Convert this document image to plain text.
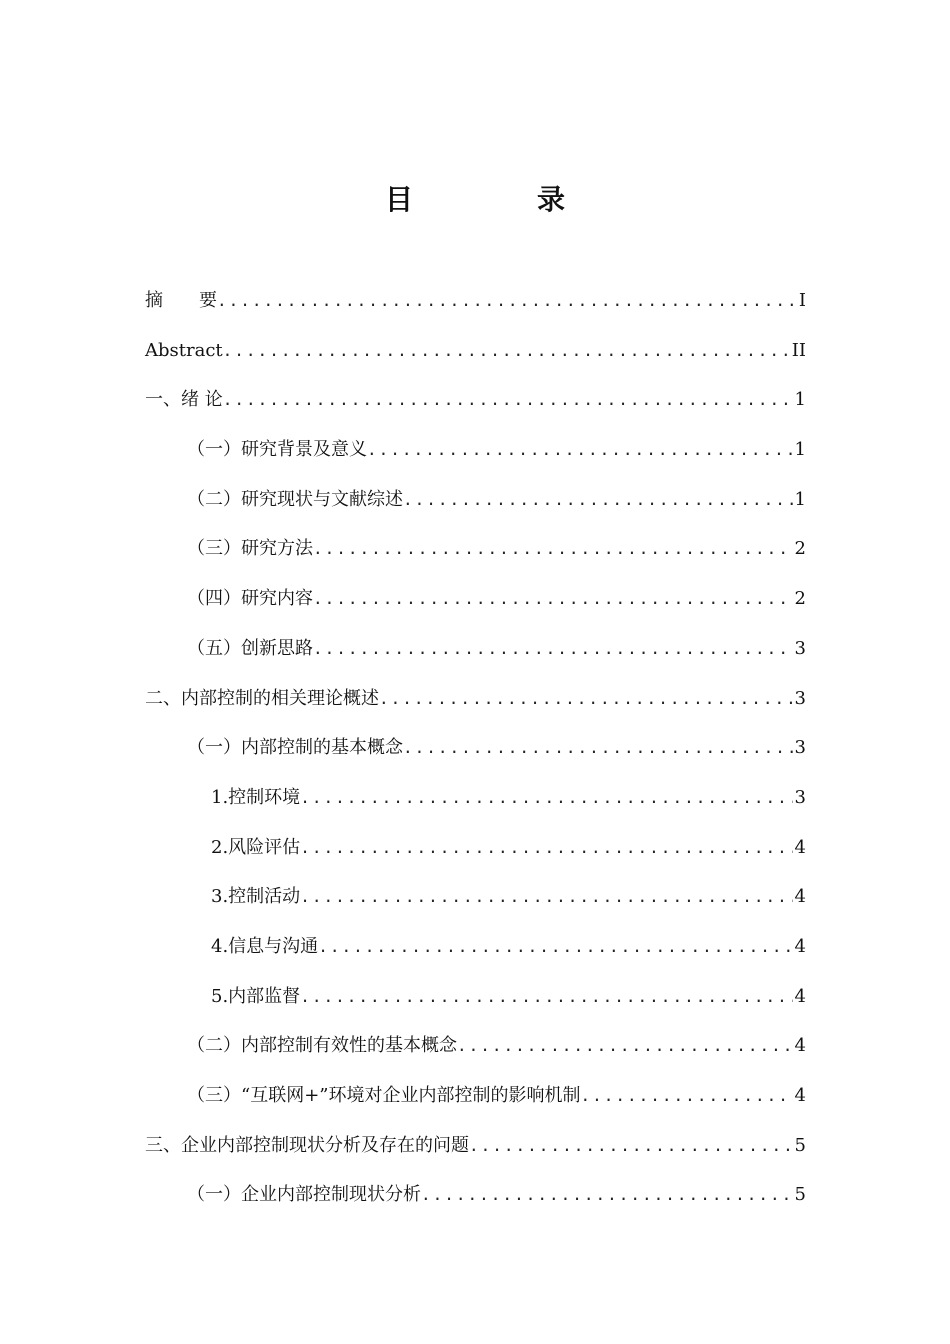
目　录
摘　　要 .....	I
Abstract .....	II
一、绪 论 .....	1
（一）研究背景及意义 .....	1
（二）研究现状与文献综述 .....	1
（三）研究方法 .....	2
（四）研究内容 .....	2
（五）创新思路 .....	3
二、内部控制的相关理论概述 .....	3
（一）内部控制的基本概念 .....	3
1.控制环境 .....	3
2.风险评估 .....	4
3.控制活动 .....	4
4.信息与沟通 .....	4
5.内部监督 .....	4
（二）内部控制有效性的基本概念 .....	4
（三）“互联网+”环境对企业内部控制的影响机制 .....	4
三、企业内部控制现状分析及存在的问题 .....	5
（一）企业内部控制现状分析 .....	5
